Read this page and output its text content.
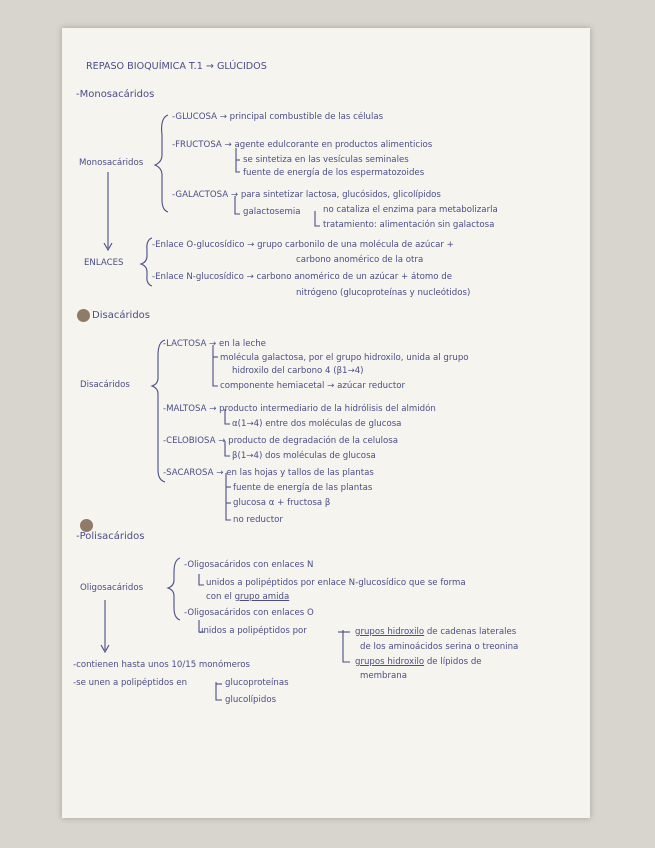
REPASO BIOQUÍMICA T.1 → GLÚCIDOS
-Monosacáridos
Monosacáridos
-GLUCOSA → principal combustible de las células
-FRUCTOSA → agente edulcorante en productos alimenticios
se sintetiza en las vesículas seminales
fuente de energía de los espermatozoides
-GALACTOSA → para sintetizar lactosa, glucósidos, glicolípidos
galactosemia	no cataliza el enzima para metabolizarla
tratamiento: alimentación sin galactosa
ENLACES
-Enlace O-glucosídico → grupo carbonilo de una molécula de azúcar +
carbono anomérico de la otra
-Enlace N-glucosídico → carbono anomérico de un azúcar + átomo de
nitrógeno (glucoproteínas y nucleótidos)
Disacáridos
Disacáridos
-LACTOSA → en la leche
molécula galactosa, por el grupo hidroxilo, unida al grupo
hidroxilo del carbono 4 (β1→4)
componente hemiacetal → azúcar reductor
-MALTOSA → producto intermediario de la hidrólisis del almidón
α(1→4) entre dos moléculas de glucosa
-CELOBIOSA → producto de degradación de la celulosa
β(1→4) dos moléculas de glucosa
-SACAROSA → en las hojas y tallos de las plantas
fuente de energía de las plantas
glucosa α + fructosa β
no reductor
-Polisacáridos
Oligosacáridos
-Oligosacáridos con enlaces N
unidos a polipéptidos por enlace N-glucosídico que se forma
con el grupo amida
-Oligosacáridos con enlaces O
unidos a polipéptidos por	grupos hidroxilo de cadenas laterales
de los aminoácidos serina o treonina
grupos hidroxilo de lípidos de
membrana
-contienen hasta unos 10/15 monómeros
-se unen a polipéptidos en	glucoproteínas
glucolípidos
